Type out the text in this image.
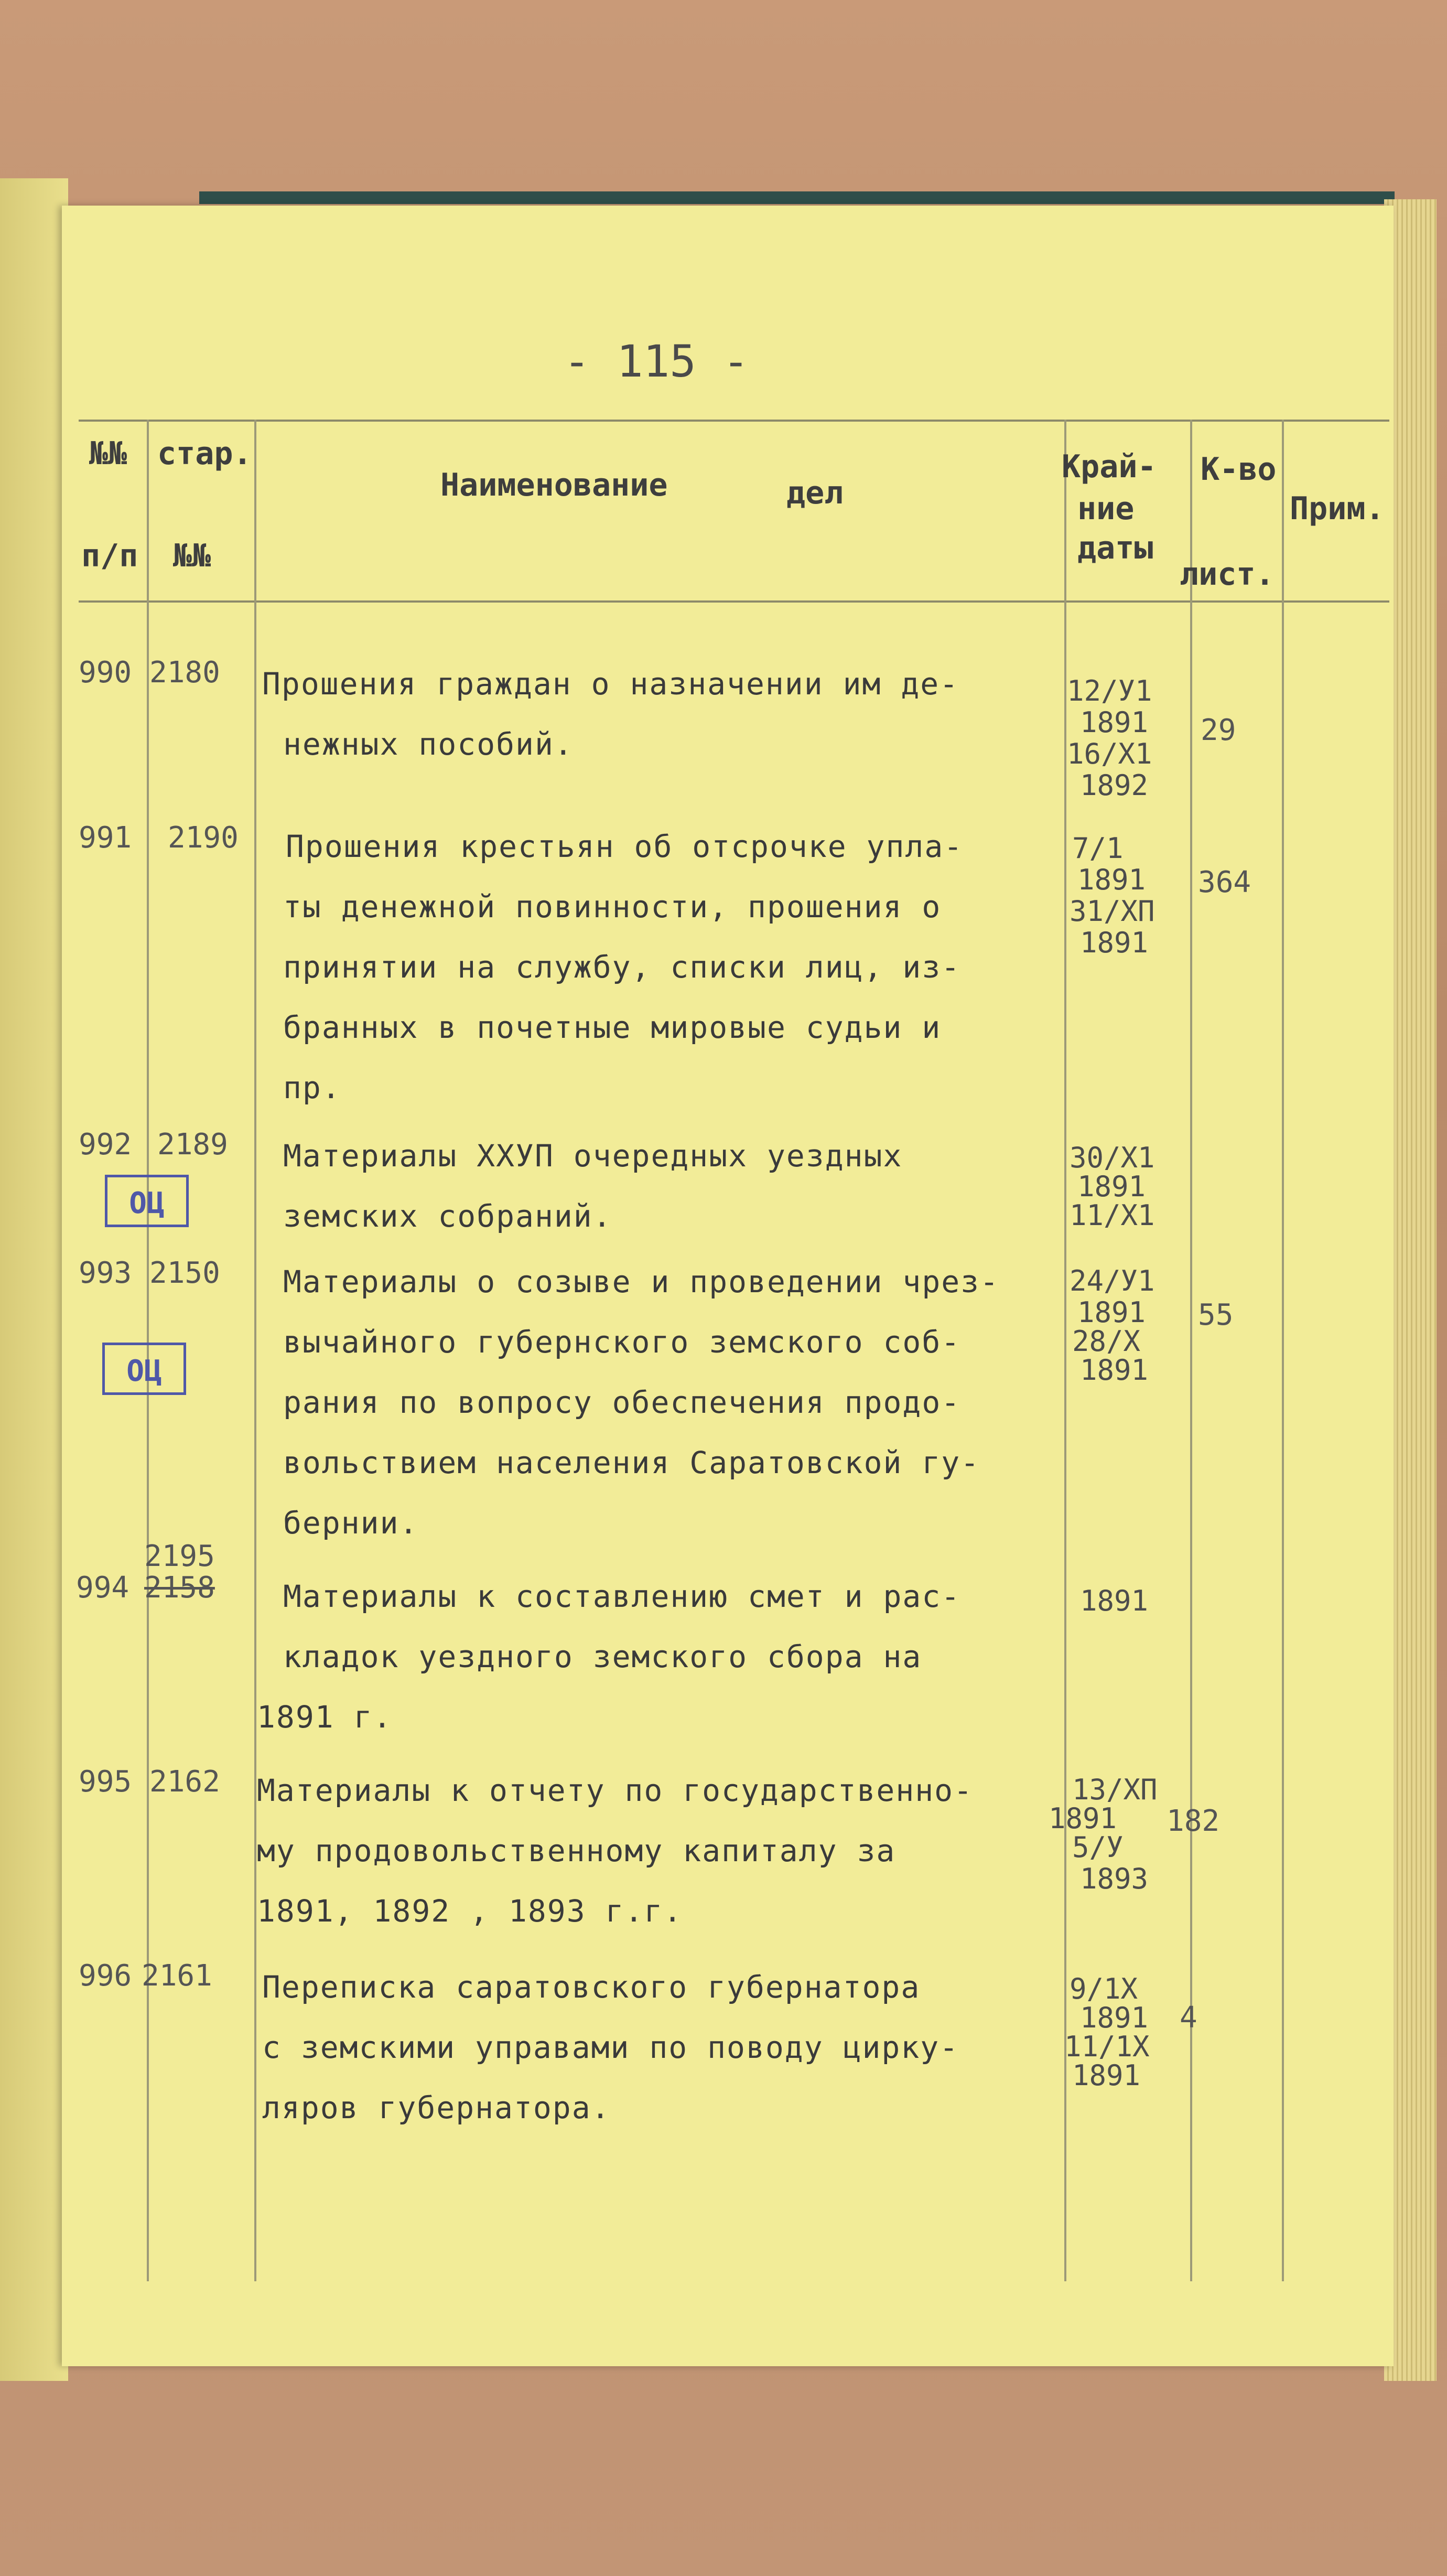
- 115 -
№№ стар.
п/п №№
Наименование	дел
Край-
ние
даты
К-во
лист.
Прим.
990 2180 Прошения граждан о назначении им де-
нежных пособий.
12/У1
1891
16/Х1
1892
29
991 2190 Прошения крестьян об отсрочке упла-
ты денежной повинности, прошения о
принятии на службу, списки лиц, из-
бранных в почетные мировые судьи и
пр.
7/1
1891
31/ХП
1891
364
992 2189
ОЦ
Материалы ХХУП очередных уездных
земских собраний.
30/Х1
1891
11/Х1
993 2150
ОЦ
Материалы о созыве и проведении чрез-
вычайного губернского земского соб-
рания по вопросу обеспечения продо-
вольствием населения Саратовской гу-
бернии.
24/У1
1891
28/Х
1891
55
2195
994 2158 Материалы к составлению смет и рас-
кладок уездного земского сбора на
1891 г.
1891
995 2162 Материалы к отчету по государственно-
му продовольственному капиталу за
1891, 1892 , 1893 г.г.
13/ХП
1891
5/У
1893
182
996 2161 Переписка саратовского губернатора
с земскими управами по поводу цирку-
ляров губернатора.
9/1Х
1891
11/1Х
1891
4
